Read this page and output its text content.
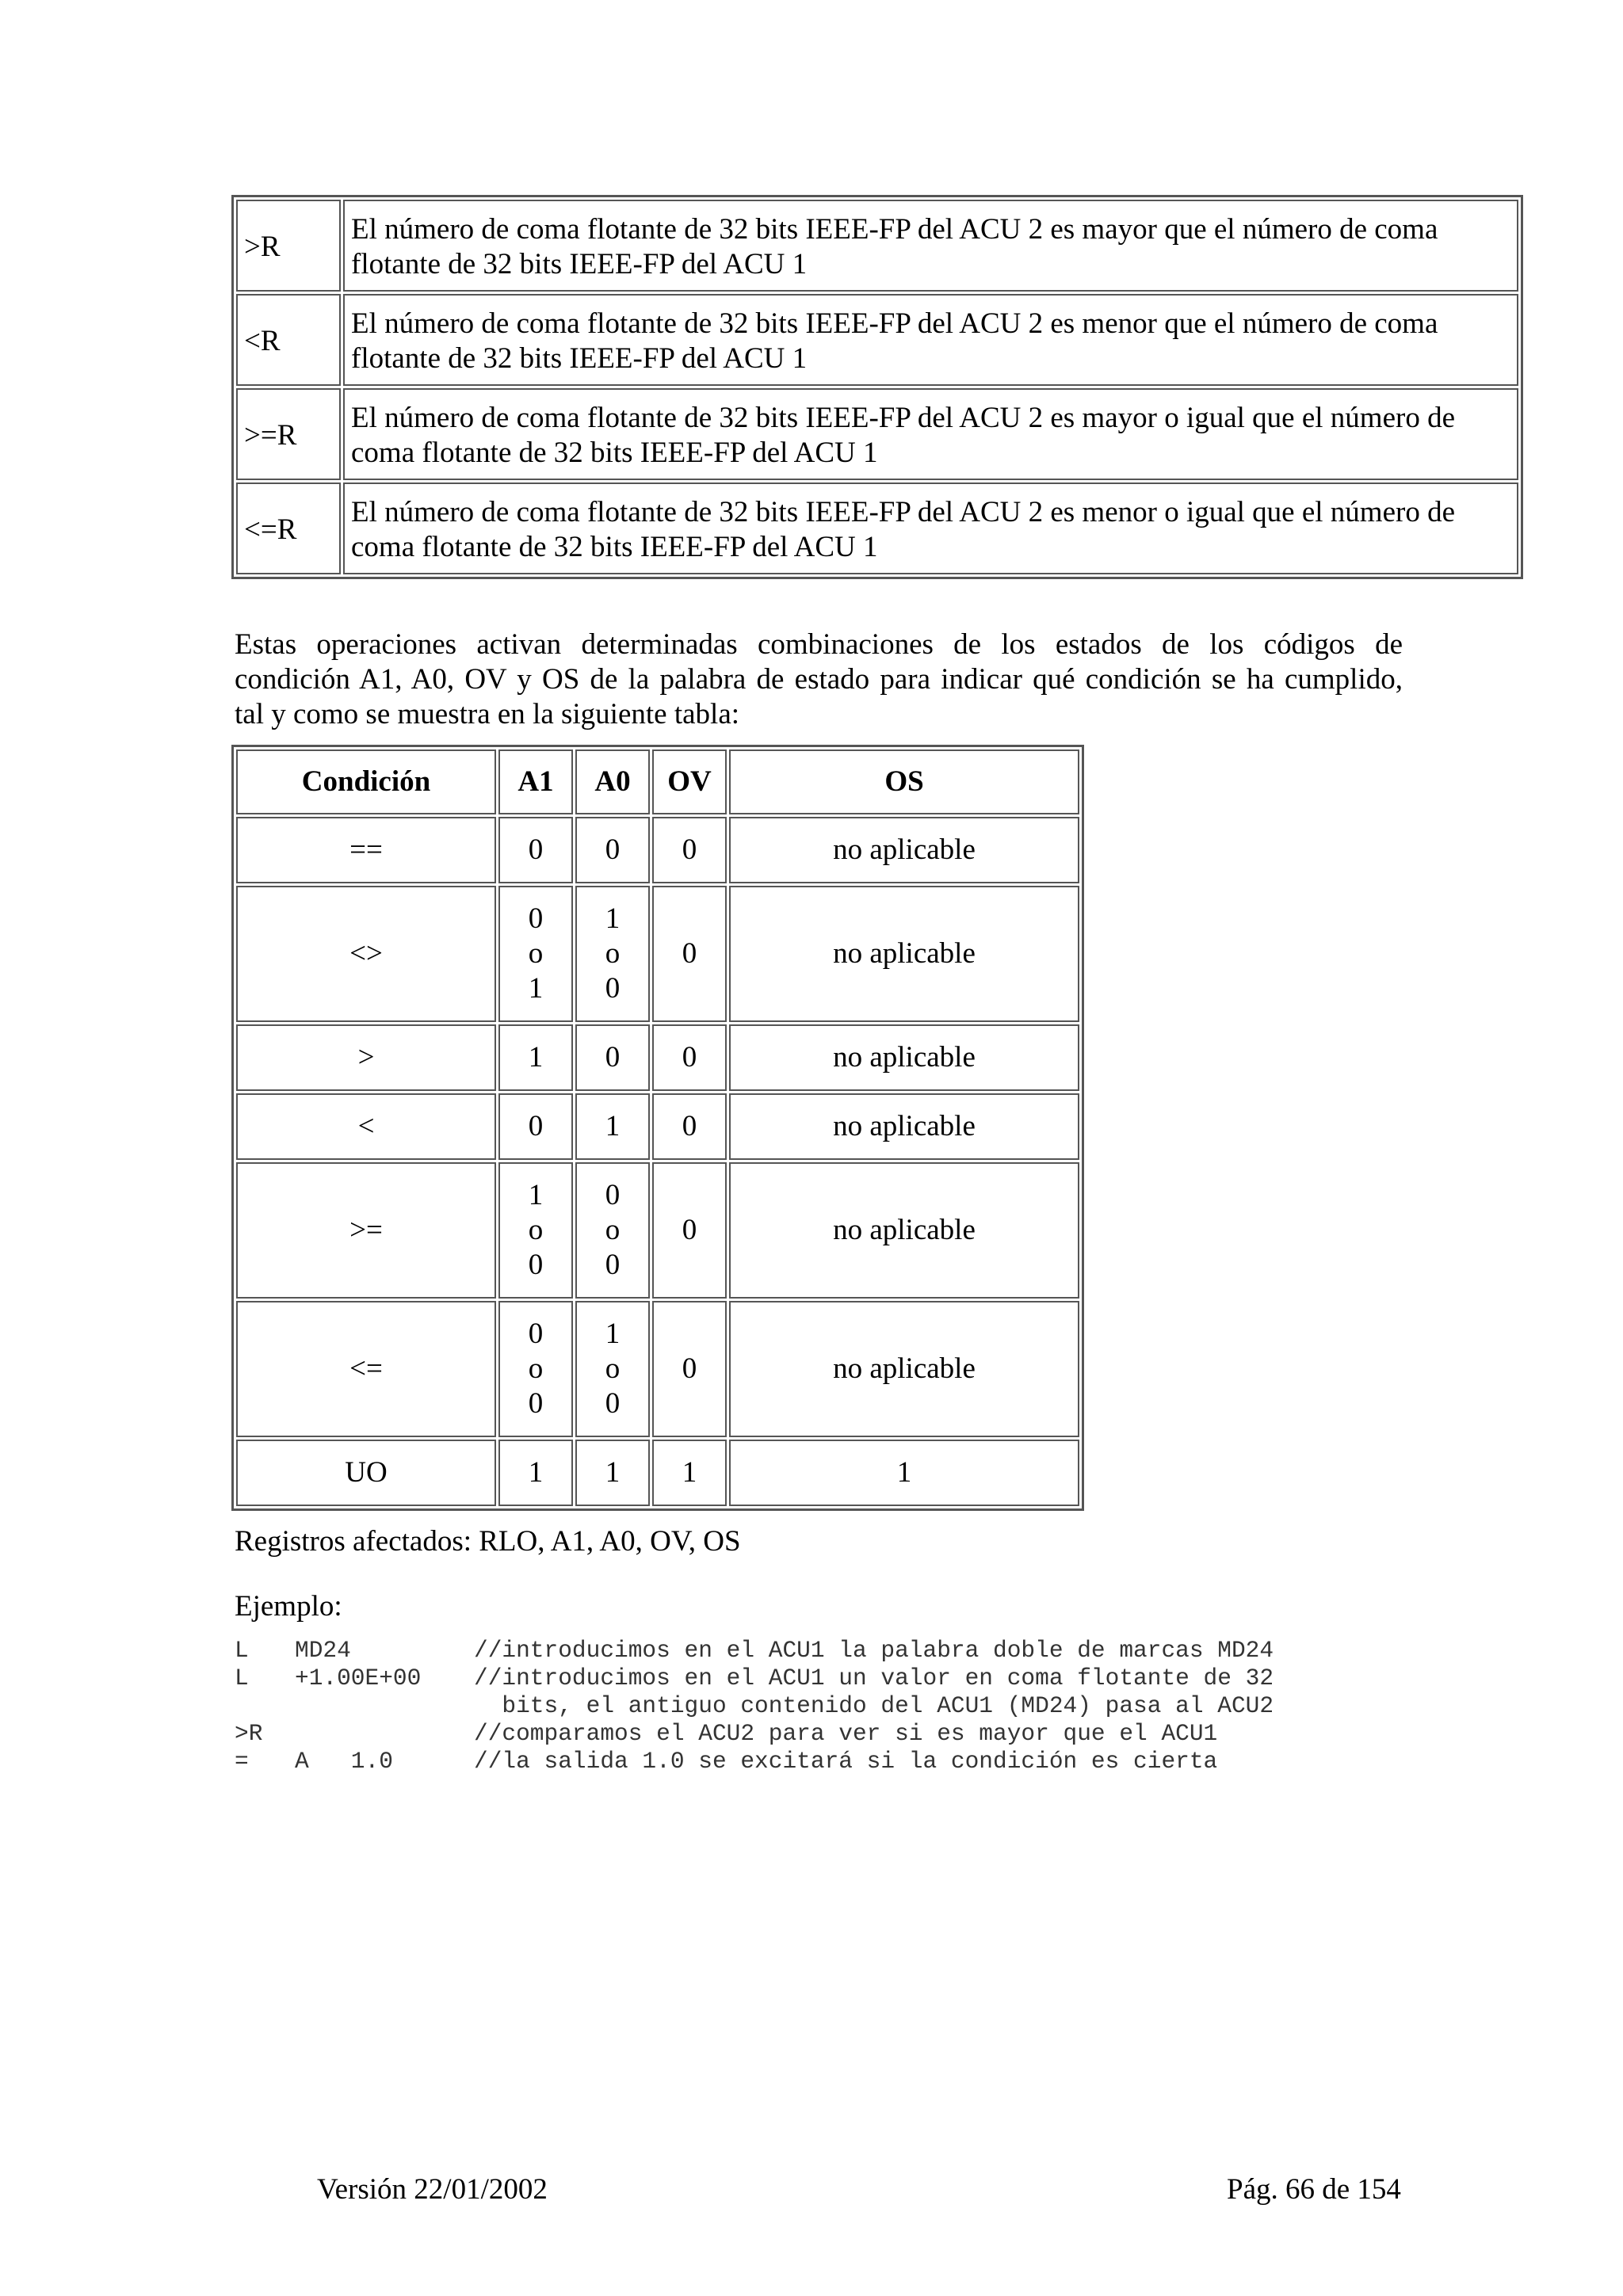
>R	El número de coma flotante de 32 bits IEEE-FP del ACU 2 es mayor que el número de coma flotante de 32 bits IEEE-FP del ACU 1
<R	El número de coma flotante de 32 bits IEEE-FP del ACU 2 es menor que el número de coma flotante de 32 bits IEEE-FP del ACU 1
>=R	El número de coma flotante de 32 bits IEEE-FP del ACU 2 es mayor o igual que el número de coma flotante de 32 bits IEEE-FP del ACU 1
<=R	El número de coma flotante de 32 bits IEEE-FP del ACU 2 es menor o igual que el número de coma flotante de 32 bits IEEE-FP del ACU 1
Estas operaciones activan determinadas combinaciones de los estados de los códigos de
condición A1, A0, OV y OS de la palabra de estado para indicar qué condición se ha cumplido,
tal y como se muestra en la siguiente tabla:
Condición	A1	A0	OV	OS
==	0	0	0	no aplicable
<>	0
o
1	1
o
0	0	no aplicable
>	1	0	0	no aplicable
<	0	1	0	no aplicable
>=	1
o
0	0
o
0	0	no aplicable
<=	0
o
0	1
o
0	0	no aplicable
UO	1	1	1	1
Registros afectados: RLO, A1, A0, OV, OS
Ejemplo:
L MD24	//introducimos en el ACU1 la palabra doble de marcas MD24
L +1.00E+00 //introducimos en el ACU1 un valor en coma flotante de 32
bits, el antiguo contenido del ACU1 (MD24) pasa al ACU2
>R	//comparamos el ACU2 para ver si es mayor que el ACU1
= A   1.0	//la salida 1.0 se excitará si la condición es cierta
Versión 22/01/2002	Pág. 66 de 154
